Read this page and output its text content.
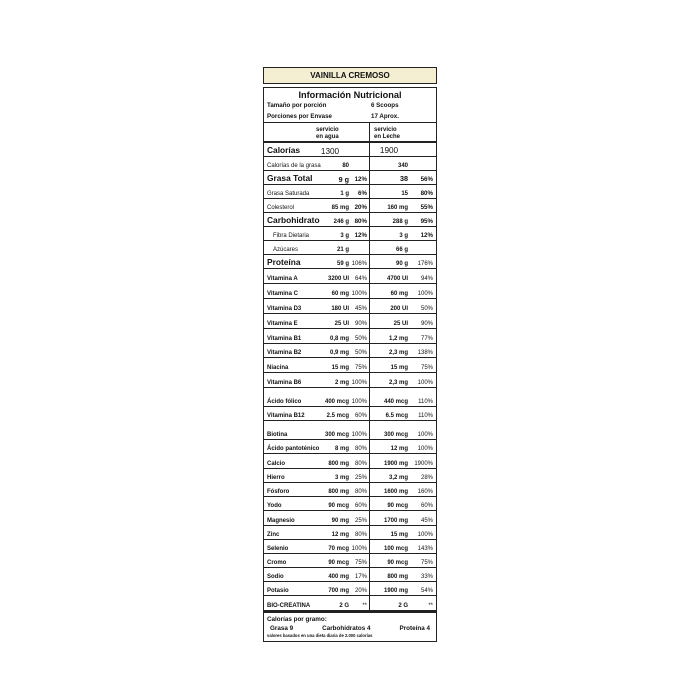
VAINILLA CREMOSO
Información Nutricional
Tamaño por porción	6 Scoops
Porciones por Envase	17 Aprox.
servicio
en agua
servicio
en Leche
Calorías	1300	1900
Calorías de la grasa	80	340
Grasa Total	9 g 12%	38	56%
Grasa Saturada	1 g	6%	15	80%
Colesterol	85 mg 20%	160 mg	55%
Carbohidrato	246 g 80%	288 g	95%
Fibra Dietaria	3 g 12%	3 g	12%
Azúcares	21 g	66 g
Proteína	59 g 106%	90 g	176%
Vitamina A	3200 UI 64%	4700 UI	94%
Vitamina C	60 mg 100%	60 mg	100%
Vitamina D3	180 UI 45%	200 UI	50%
Vitamina E	25 UI 90%	25 UI	90%
Vitamina B1	0,8 mg 50%	1,2 mg	77%
Vitamina B2	0,9 mg 50%	2,3 mg	138%
Niacina	15 mg 75%	15 mg	75%
Vitamina B6	2 mg 100%	2,3 mg	100%
Ácido fólico	400 mcg 100%	440 mcg	110%
Vitamina B12	2.5 mcg 60%	6.5 mcg	110%
Biotina	300 mcg 100%	300 mcg	100%
Ácido pantoténico	8 mg 80%	12 mg	100%
Calcio	800 mg 80%	1900 mg	1900%
Hierro	3 mg 25%	3,2 mg	28%
Fósforo	800 mg 80%	1600 mg	160%
Yodo	90 mcg 60%	90 mcg	60%
Magnesio	90 mg 25%	1700 mg	45%
Zinc	12 mg 80%	15 mg	100%
Selenio	70 mcg 100%	100 mcg	143%
Cromo	90 mcg 75%	90 mcg	75%
Sodio	400 mg 17%	800 mg	33%
Potasio	700 mg 20%	1900 mg	54%
BIO-CREATINA	2 G	**	2 G	**
Calorías por gramo:
Grasa 9	Carbohidratos 4	Proteína 4
valores basados en una dieta diaria de 2.000 calorías
